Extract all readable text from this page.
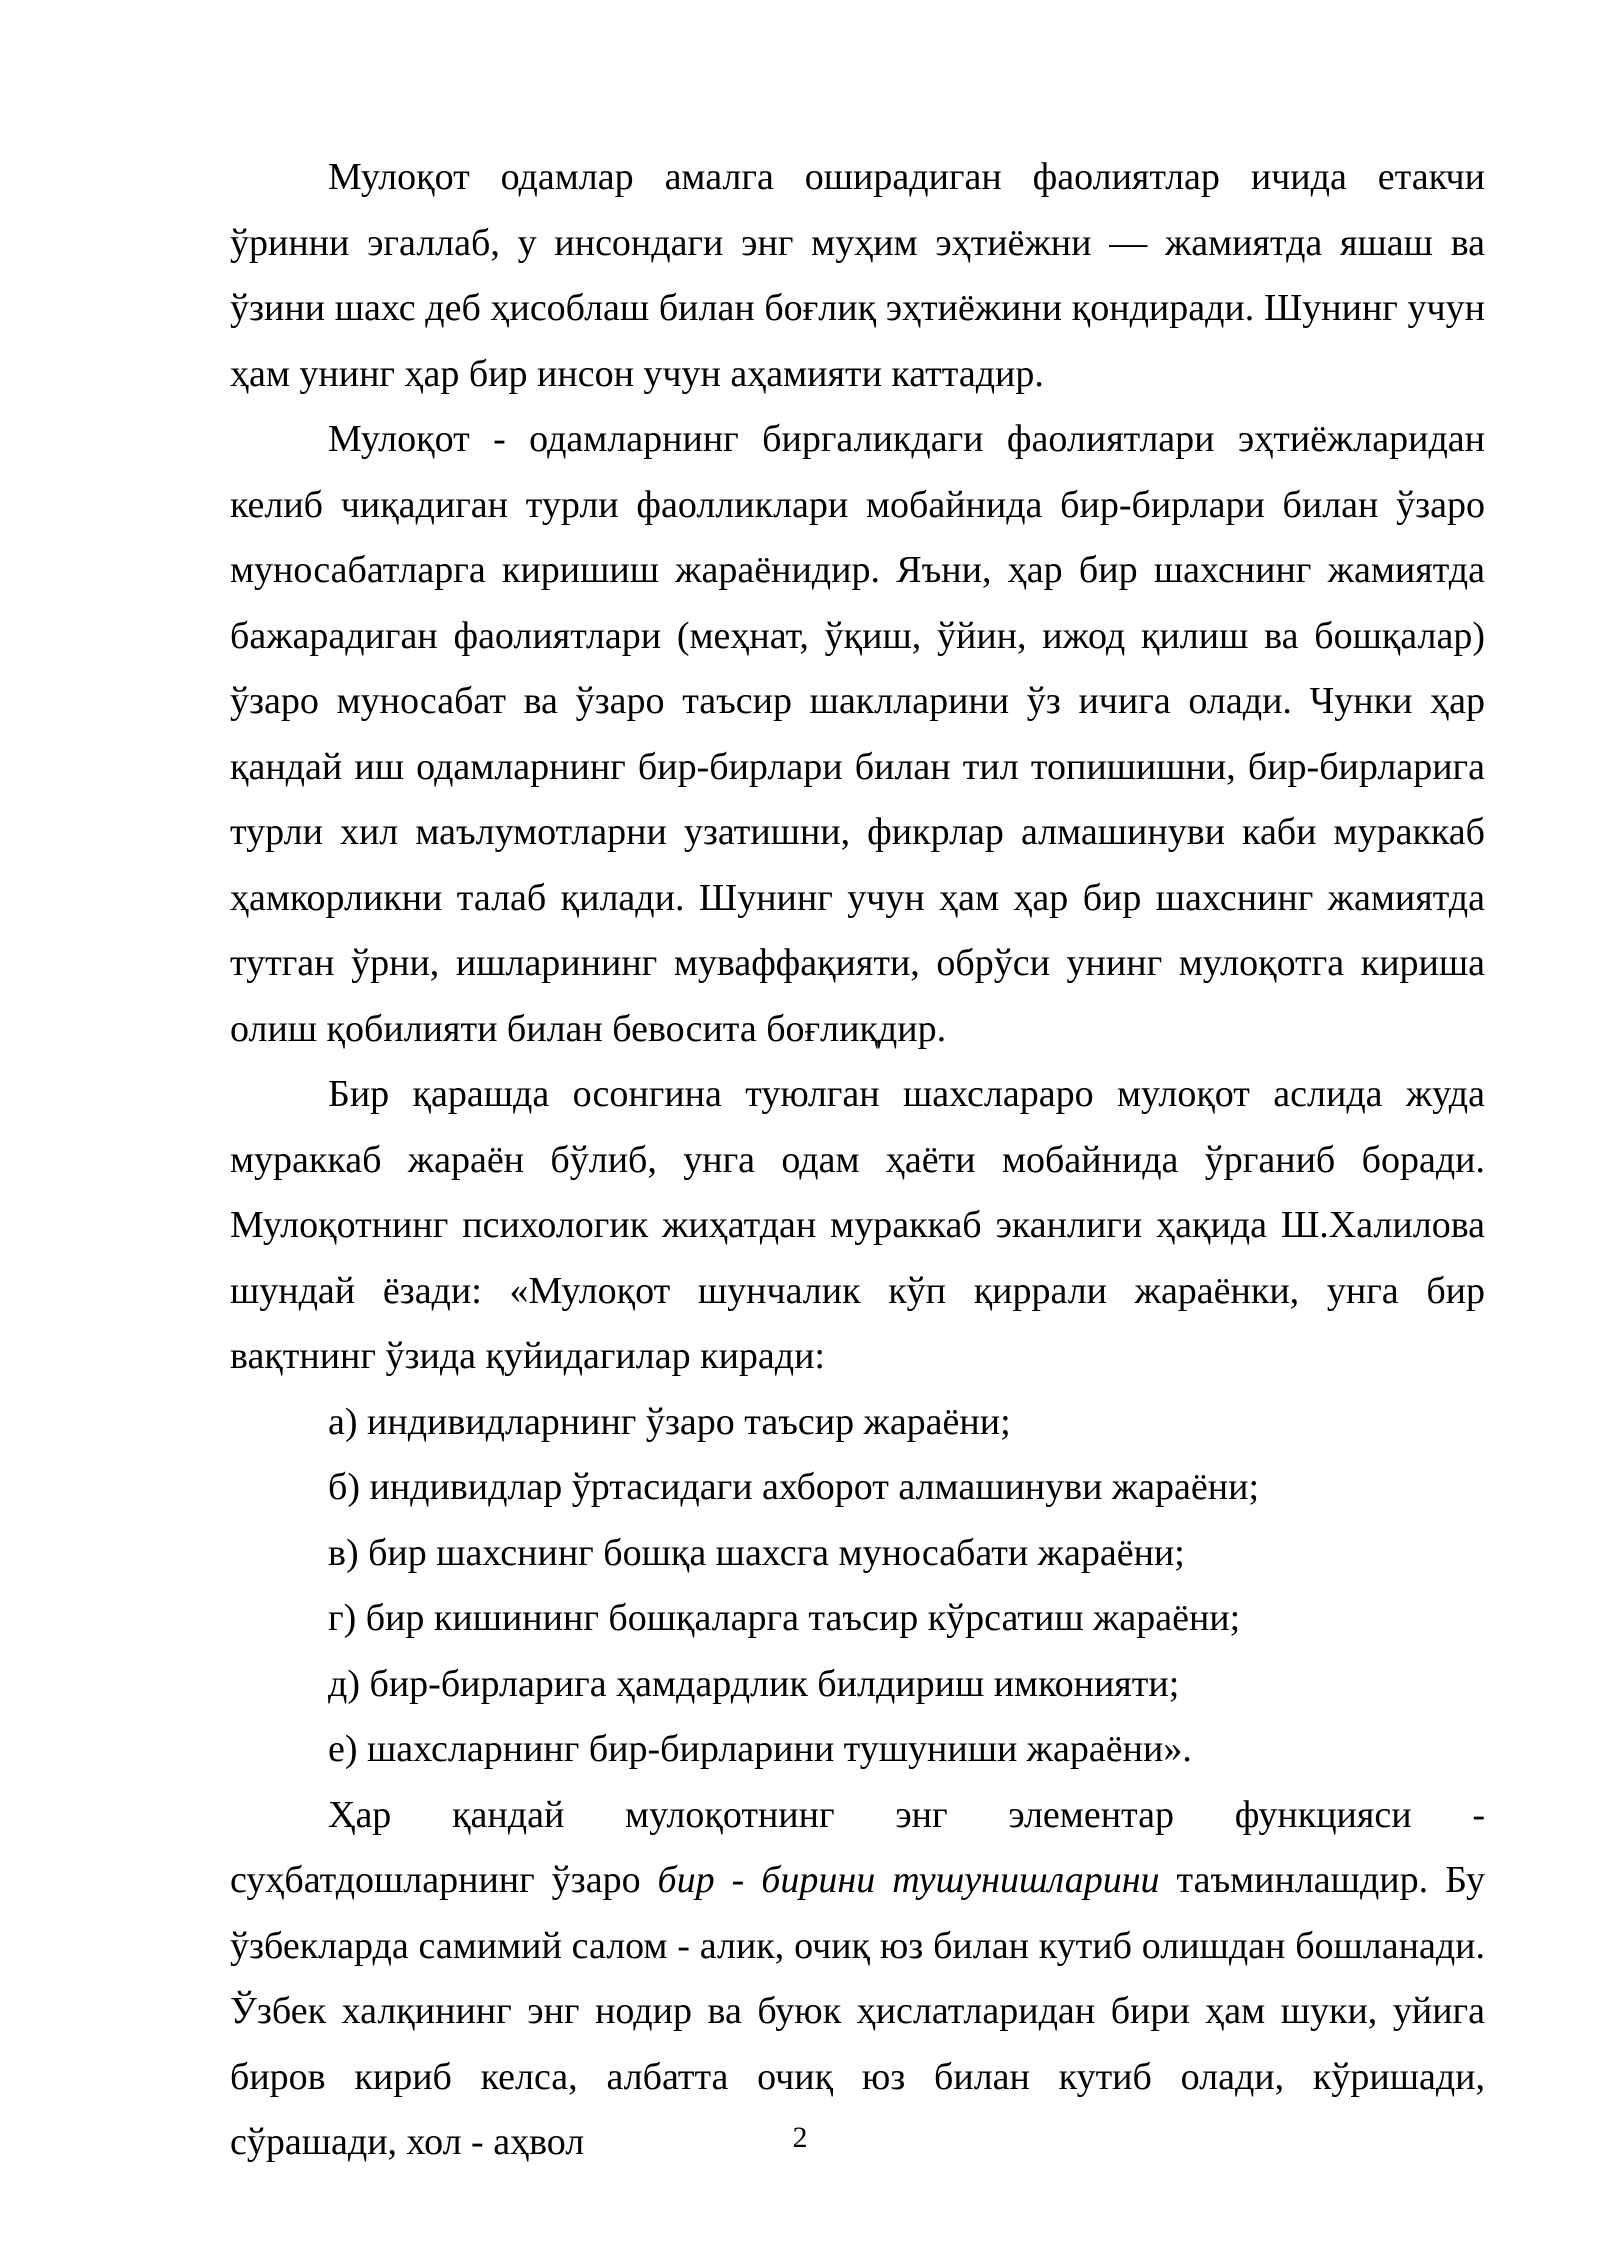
Мулоқот одамлар амалга оширадиган фаолиятлар ичида етакчи ўринни эгаллаб, у инсондаги энг муҳим эҳтиёжни — жамиятда яшаш ва ўзини шахс деб ҳисоблаш билан боғлиқ эҳтиёжини қондиради. Шунинг учун ҳам унинг ҳар бир инсон учун аҳамияти каттадир.

Мулоқот - одамларнинг биргаликдаги фаолиятлари эҳтиёжларидан келиб чиқадиган турли фаолликлари мобайнида бир-бирлари билан ўзаро муносабатларга киришиш жараёнидир. Яъни, ҳар бир шахснинг жамиятда бажарадиган фаолиятлари (меҳнат, ўқиш, ўйин, ижод қилиш ва бошқалар) ўзаро муносабат ва ўзаро таъсир шаклларини ўз ичига олади. Чунки ҳар қандай иш одамларнинг бир-бирлари билан тил топишишни, бир-бирларига турли хил маълумотларни узатишни, фикрлар алмашинуви каби мураккаб ҳамкорликни талаб қилади. Шунинг учун ҳам ҳар бир шахснинг жамиятда тутган ўрни, ишларининг муваффақияти, обрўси унинг мулоқотга кириша олиш қобилияти билан бевосита боғлиқдир.

Бир қарашда осонгина туюлган шахслараро мулоқот аслида жуда мураккаб жараён бўлиб, унга одам ҳаёти мобайнида ўрганиб боради. Мулоқотнинг психологик жиҳатдан мураккаб эканлиги ҳақида Ш.Халилова шундай ёзади: «Мулоқот шунчалик кўп қиррали жараёнки, унга бир вақтнинг ўзида қуйидагилар киради:

а) индивидларнинг ўзаро таъсир жараёни;

б) индивидлар ўртасидаги ахборот алмашинуви жараёни;

в) бир шахснинг бошқа шахсга муносабати жараёни;

г) бир кишининг бошқаларга таъсир кўрсатиш жараёни;

д) бир-бирларига ҳамдардлик билдириш имконияти;

е) шахсларнинг бир-бирларини тушуниши жараёни».

Ҳар қандай мулоқотнинг энг элементар функцияси - суҳбатдошларнинг ўзаро бир - бирини тушунишларини таъминлашдир. Бу ўзбекларда самимий салом - алик, очиқ юз билан кутиб олишдан бошланади. Ўзбек халқининг энг нодир ва буюк ҳислатларидан бири ҳам шуки, уйига биров кириб келса, албатта очиқ юз билан кутиб олади, кўришади, сўрашади, хол - аҳвол	2
